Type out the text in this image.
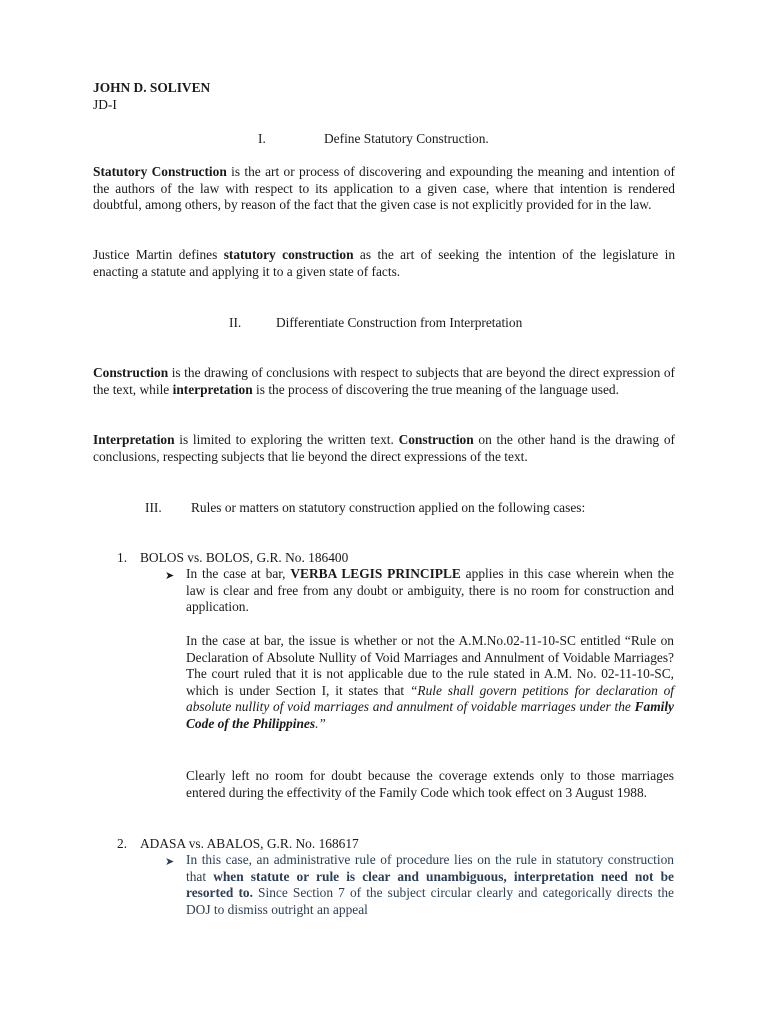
JOHN D. SOLIVEN
JD-I
I.	Define Statutory Construction.

Statutory Construction is the art or process of discovering and expounding the meaning and intention of the authors of the law with respect to its application to a given case, where that intention is rendered doubtful, among others, by reason of the fact that the given case is not explicitly provided for in the law.

Justice Martin defines statutory construction as the art of seeking the intention of the legislature in enacting a statute and applying it to a given state of facts.

II.	Differentiate Construction from Interpretation

Construction is the drawing of conclusions with respect to subjects that are beyond the direct expression of the text, while interpretation is the process of discovering the true meaning of the language used.

Interpretation is limited to exploring the written text. Construction on the other hand is the drawing of conclusions, respecting subjects that lie beyond the direct expressions of the text.

III. Rules or matters on statutory construction applied on the following cases:
1. BOLOS vs. BOLOS, G.R. No. 186400
➤ In the case at bar, VERBA LEGIS PRINCIPLE applies in this case wherein when the law is clear and free from any doubt or ambiguity, there is no room for construction and application.

In the case at bar, the issue is whether or not the A.M.No.02-11-10-SC entitled “Rule on Declaration of Absolute Nullity of Void Marriages and Annulment of Voidable Marriages? The court ruled that it is not applicable due to the rule stated in A.M. No. 02-11-10-SC, which is under Section I, it states that “Rule shall govern petitions for declaration of absolute nullity of void marriages and annulment of voidable marriages under the Family Code of the Philippines.”

Clearly left no room for doubt because the coverage extends only to those marriages entered during the effectivity of the Family Code which took effect on 3 August 1988.

2. ADASA vs. ABALOS, G.R. No. 168617
➤ In this case, an administrative rule of procedure lies on the rule in statutory construction that when statute or rule is clear and unambiguous, interpretation need not be resorted to. Since Section 7 of the subject circular clearly and categorically directs the DOJ to dismiss outright an appeal
